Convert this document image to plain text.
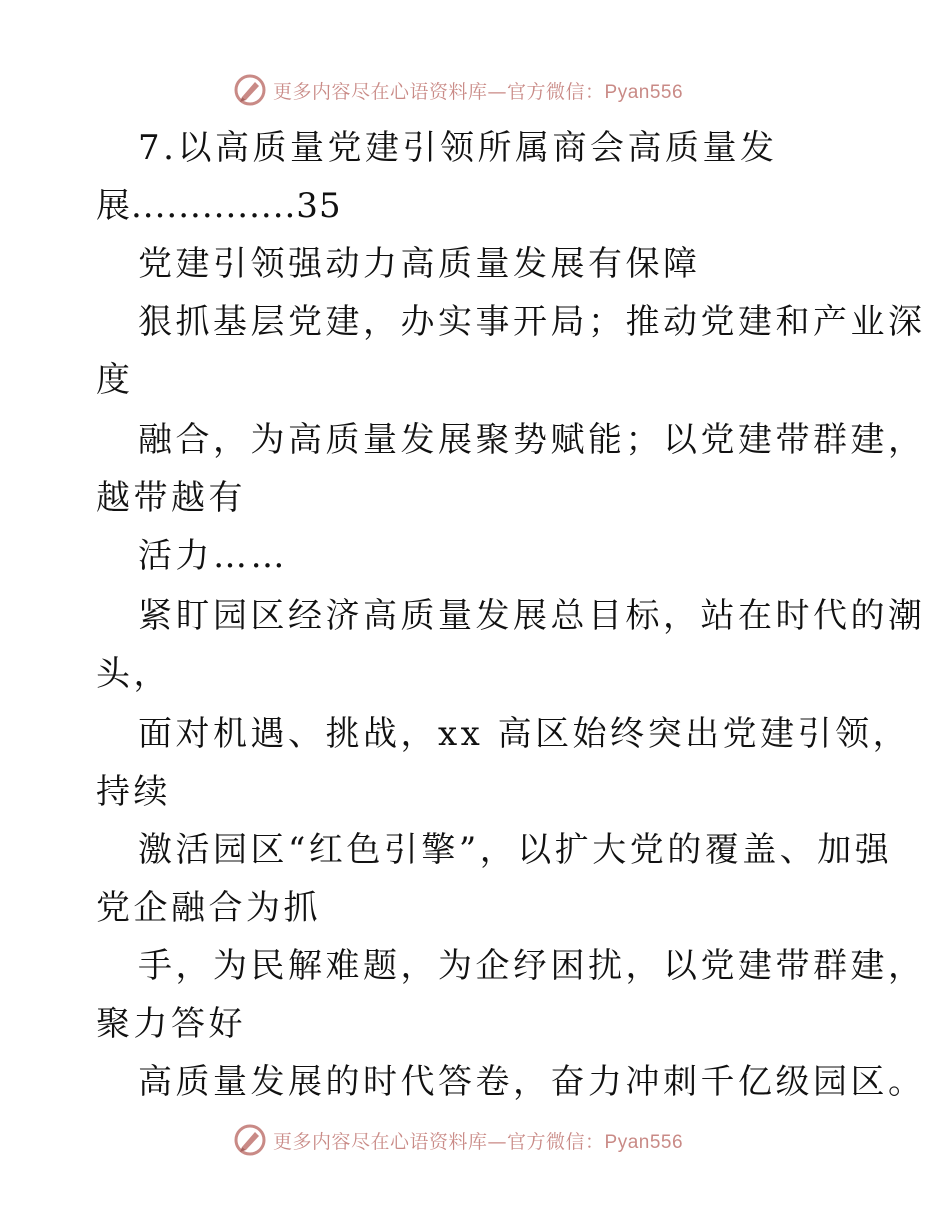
更多内容尽在心语资料库—官方微信：Pyan556
7.以高质量党建引领所属商会高质量发
展..............35
党建引领强动力高质量发展有保障
狠抓基层党建，办实事开局；推动党建和产业深
度
融合，为高质量发展聚势赋能；以党建带群建，
越带越有
活力……
紧盯园区经济高质量发展总目标，站在时代的潮
头，
面对机遇、挑战，xx 高区始终突出党建引领，
持续
激活园区“红色引擎”，以扩大党的覆盖、加强
党企融合为抓
手，为民解难题，为企纾困扰，以党建带群建，
聚力答好
高质量发展的时代答卷，奋力冲刺千亿级园区。
更多内容尽在心语资料库—官方微信：Pyan556
